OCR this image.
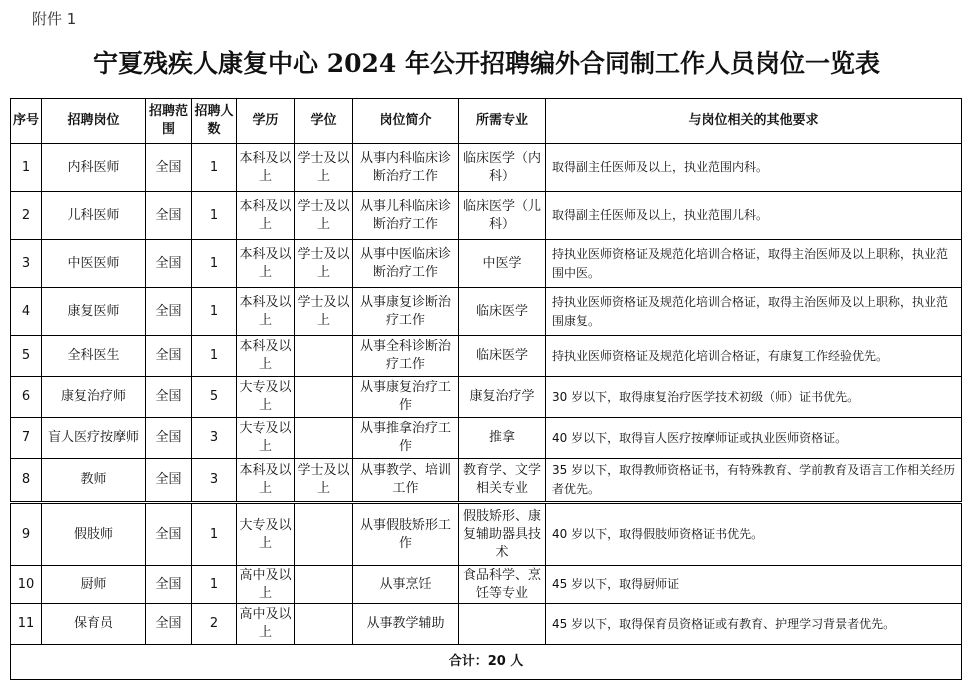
附件 1
宁夏残疾人康复中心 2024 年公开招聘编外合同制工作人员岗位一览表
序号	招聘岗位	招聘范围	招聘人数	学历	学位	岗位简介	所需专业	与岗位相关的其他要求
1	内科医师	全国	1	本科及以上	学士及以上	从事内科临床诊断治疗工作	临床医学（内科）	取得副主任医师及以上，执业范围内科。
2	儿科医师	全国	1	本科及以上	学士及以上	从事儿科临床诊断治疗工作	临床医学（儿科）	取得副主任医师及以上，执业范围儿科。
3	中医医师	全国	1	本科及以上	学士及以上	从事中医临床诊断治疗工作	中医学	持执业医师资格证及规范化培训合格证，取得主治医师及以上职称，执业范围中医。
4	康复医师	全国	1	本科及以上	学士及以上	从事康复诊断治疗工作	临床医学	持执业医师资格证及规范化培训合格证，取得主治医师及以上职称，执业范围康复。
5	全科医生	全国	1	本科及以上		从事全科诊断治疗工作	临床医学	持执业医师资格证及规范化培训合格证，有康复工作经验优先。
6	康复治疗师	全国	5	大专及以上		从事康复治疗工作	康复治疗学	30 岁以下，取得康复治疗医学技术初级（师）证书优先。
7	盲人医疗按摩师	全国	3	大专及以上		从事推拿治疗工作	推拿	40 岁以下，取得盲人医疗按摩师证或执业医师资格证。
8	教师	全国	3	本科及以上	学士及以上	从事教学、培训工作	教育学、文学相关专业	35 岁以下，取得教师资格证书，有特殊教育、学前教育及语言工作相关经历者优先。
9	假肢师	全国	1	大专及以上		从事假肢矫形工作	假肢矫形、康复辅助器具技术	40 岁以下，取得假肢师资格证书优先。
10	厨师	全国	1	高中及以上		从事烹饪	食品科学、烹饪等专业	45 岁以下，取得厨师证
11	保育员	全国	2	高中及以上		从事教学辅助		45 岁以下，取得保育员资格证或有教育、护理学习背景者优先。
合计：20 人								
